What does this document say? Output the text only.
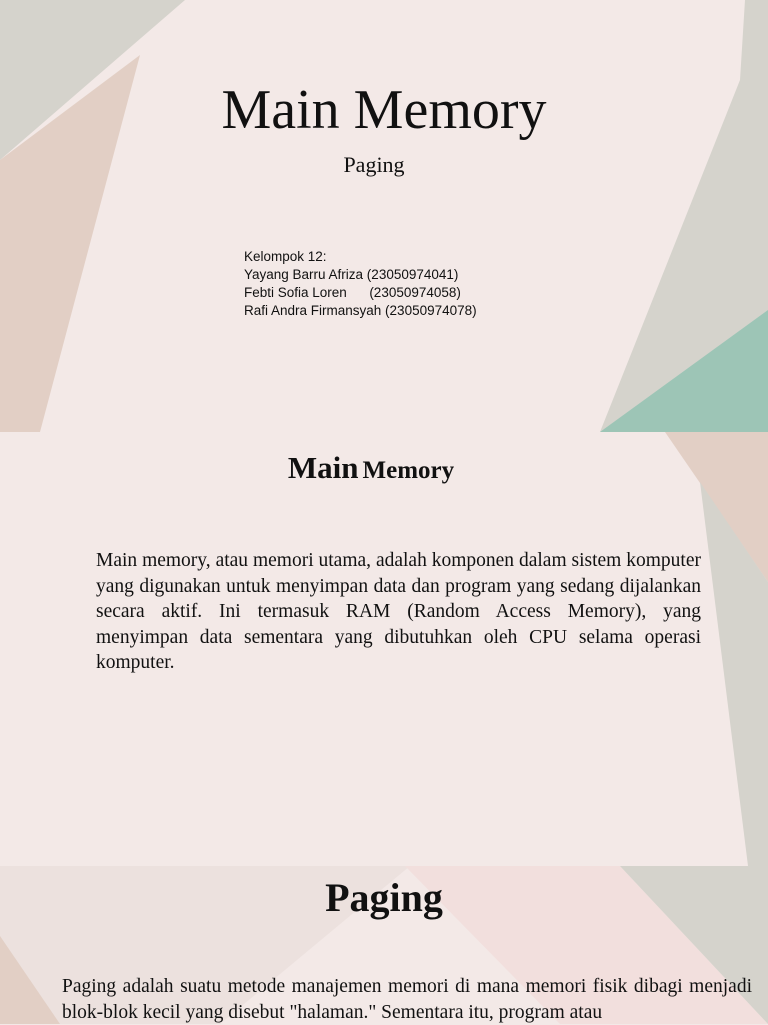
Main Memory
Paging
Kelompok 12:
Yayang Barru Afriza (23050974041)
Febti Sofia Loren      (23050974058)
Rafi Andra Firmansyah (23050974078)
Main Memory
Main memory, atau memori utama, adalah komponen dalam sistem komputer yang digunakan untuk menyimpan data dan program yang sedang dijalankan secara aktif. Ini termasuk RAM (Random Access Memory), yang menyimpan data sementara yang dibutuhkan oleh CPU selama operasi komputer.
Paging
Paging adalah suatu metode manajemen memori di mana memori fisik dibagi menjadi blok-blok kecil yang disebut "halaman." Sementara itu, program atau
